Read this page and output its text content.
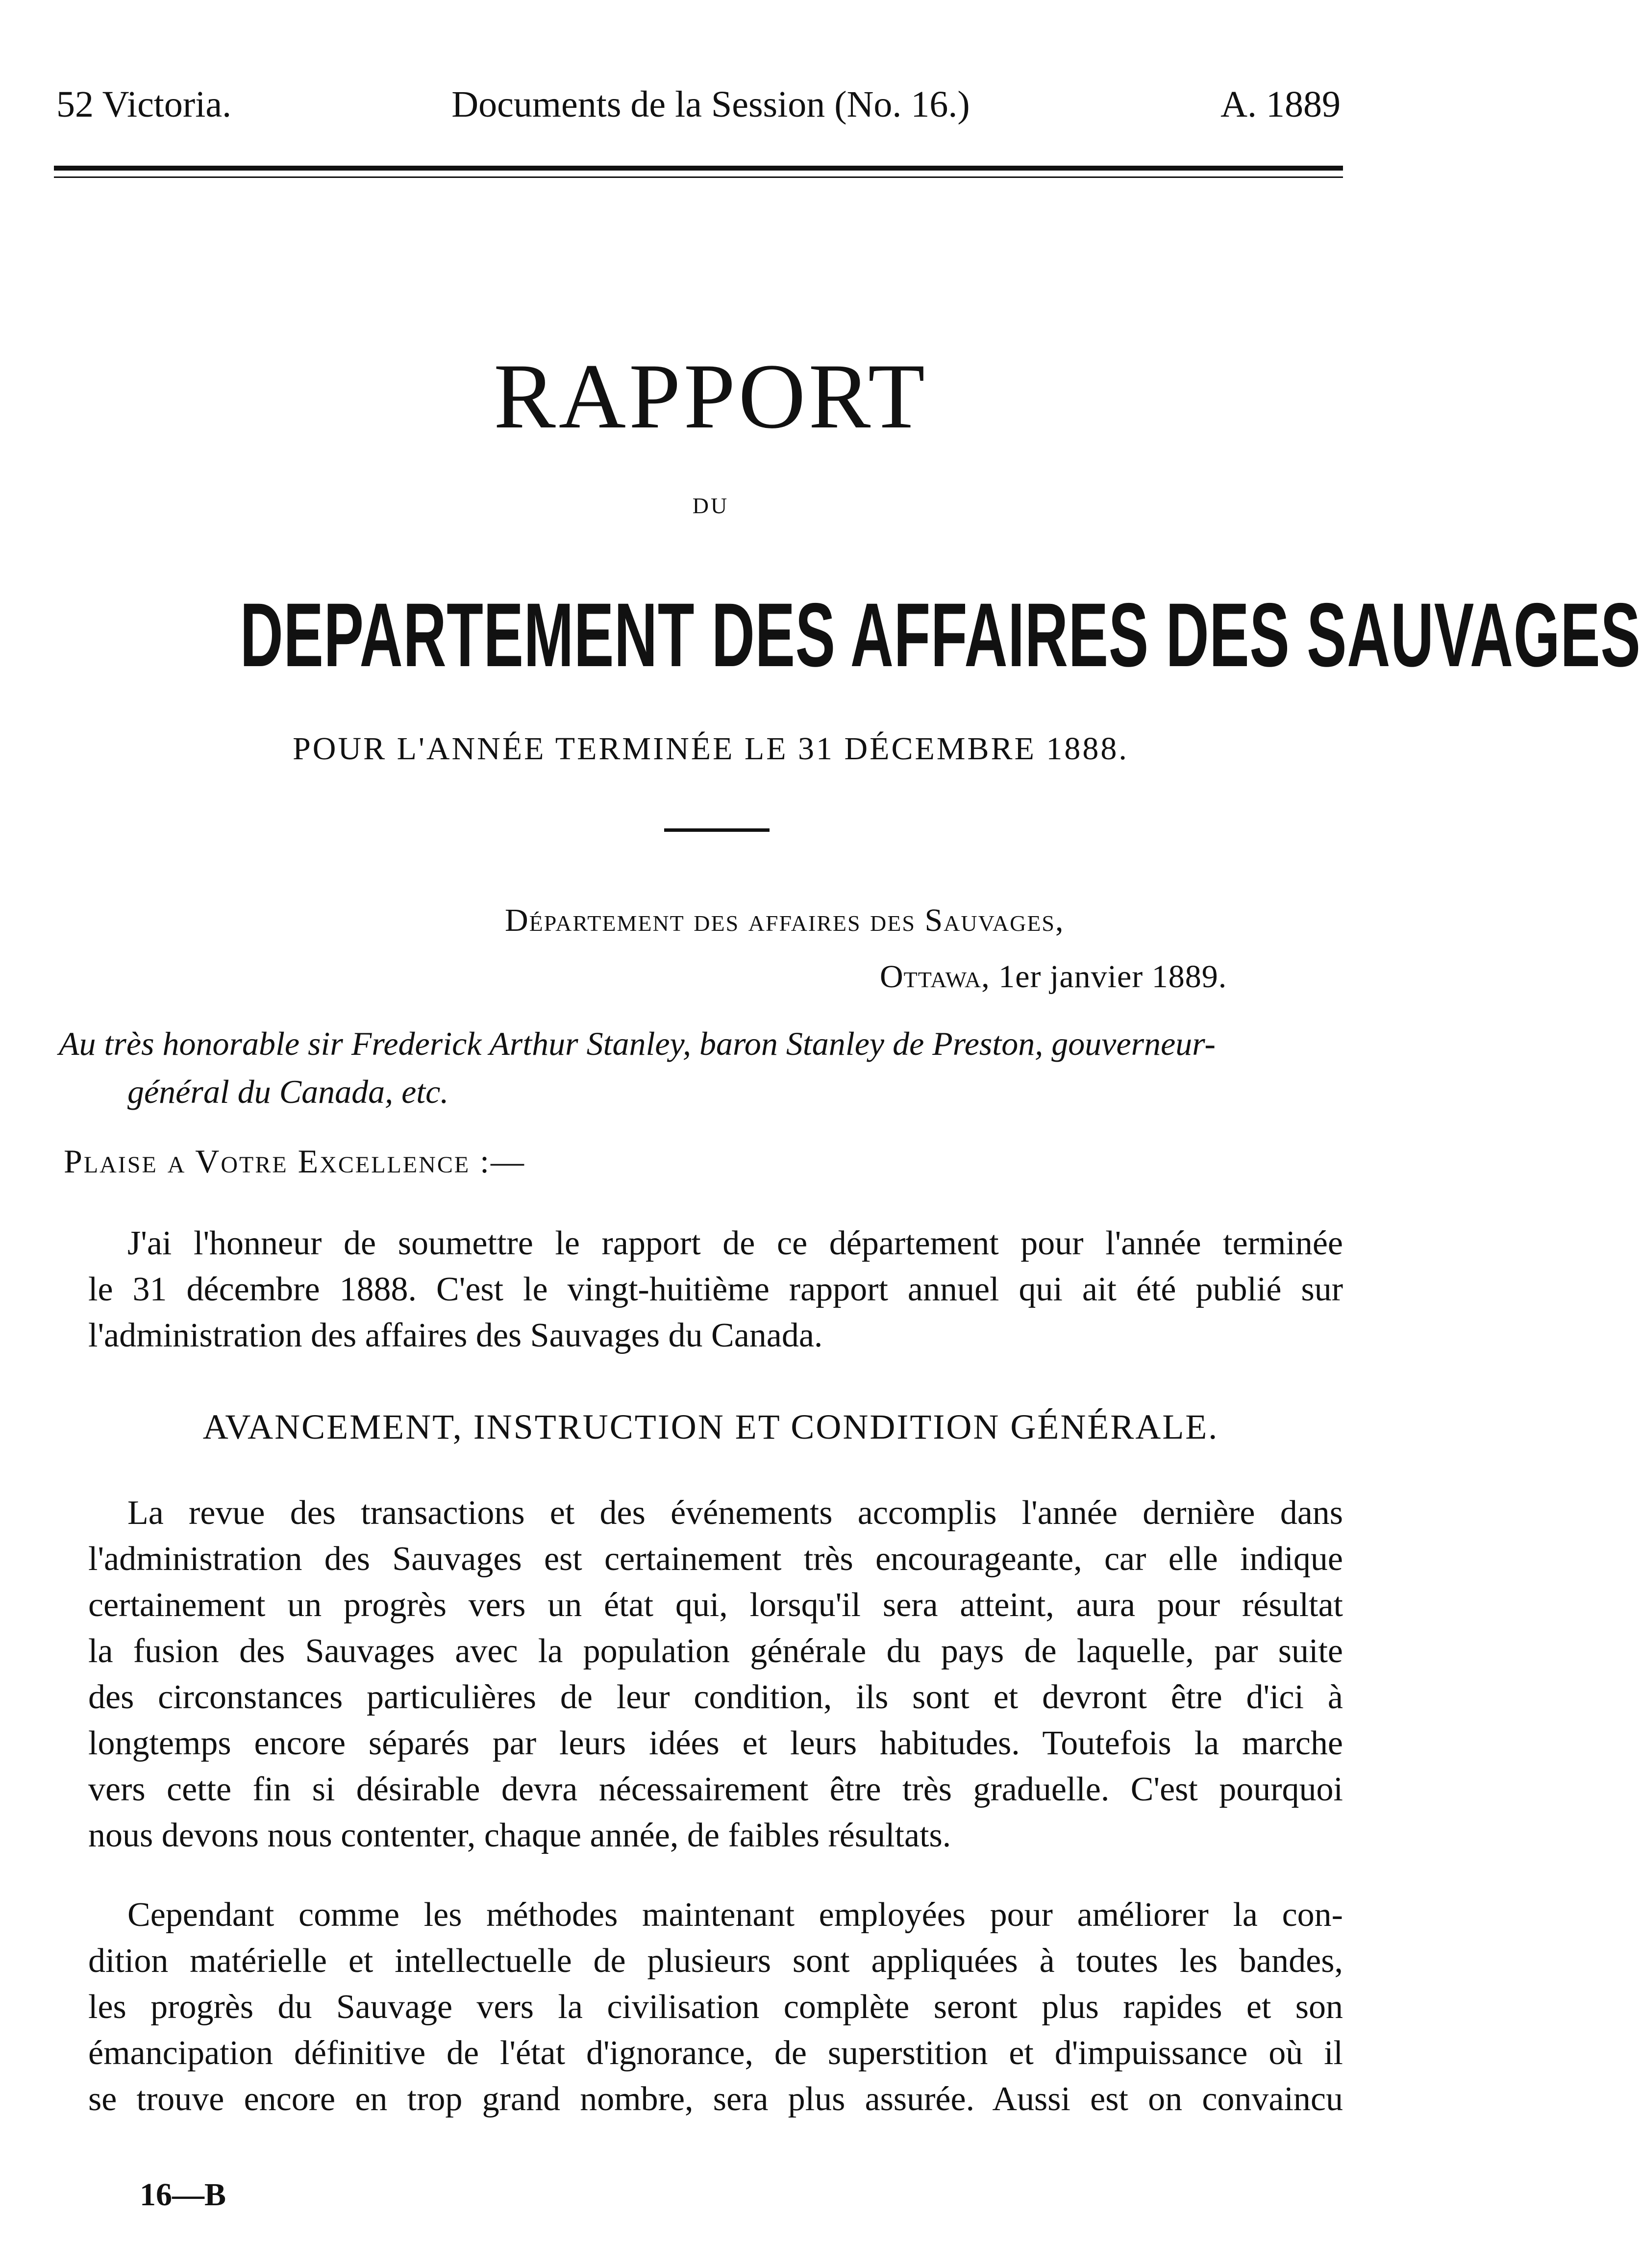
52 Victoria.	Documents de la Session (No. 16.)	A. 1889
RAPPORT
DU
DEPARTEMENT DES AFFAIRES DES SAUVAGES
POUR L'ANNÉE TERMINÉE LE 31 DÉCEMBRE 1888.
Département des affaires des Sauvages,
Ottawa, 1er janvier 1889.
Au très honorable sir Frederick Arthur Stanley, baron Stanley de Preston, gouverneur-
général du Canada, etc.
Plaise a Votre Excellence :—
J'ai l'honneur de soumettre le rapport de ce département pour l'année terminée
le 31 décembre 1888. C'est le vingt-huitième rapport annuel qui ait été publié sur
l'administration des affaires des Sauvages du Canada.
AVANCEMENT, INSTRUCTION ET CONDITION GÉNÉRALE.
La revue des transactions et des événements accomplis l'année dernière dans
l'administration des Sauvages est certainement très encourageante, car elle indique
certainement un progrès vers un état qui, lorsqu'il sera atteint, aura pour résultat
la fusion des Sauvages avec la population générale du pays de laquelle, par suite
des circonstances particulières de leur condition, ils sont et devront être d'ici à
longtemps encore séparés par leurs idées et leurs habitudes. Toutefois la marche
vers cette fin si désirable devra nécessairement être très graduelle. C'est pourquoi
nous devons nous contenter, chaque année, de faibles résultats.
Cependant comme les méthodes maintenant employées pour améliorer la con-
dition matérielle et intellectuelle de plusieurs sont appliquées à toutes les bandes,
les progrès du Sauvage vers la civilisation complète seront plus rapides et son
émancipation définitive de l'état d'ignorance, de superstition et d'impuissance où il
se trouve encore en trop grand nombre, sera plus assurée. Aussi est on convaincu
16—B
